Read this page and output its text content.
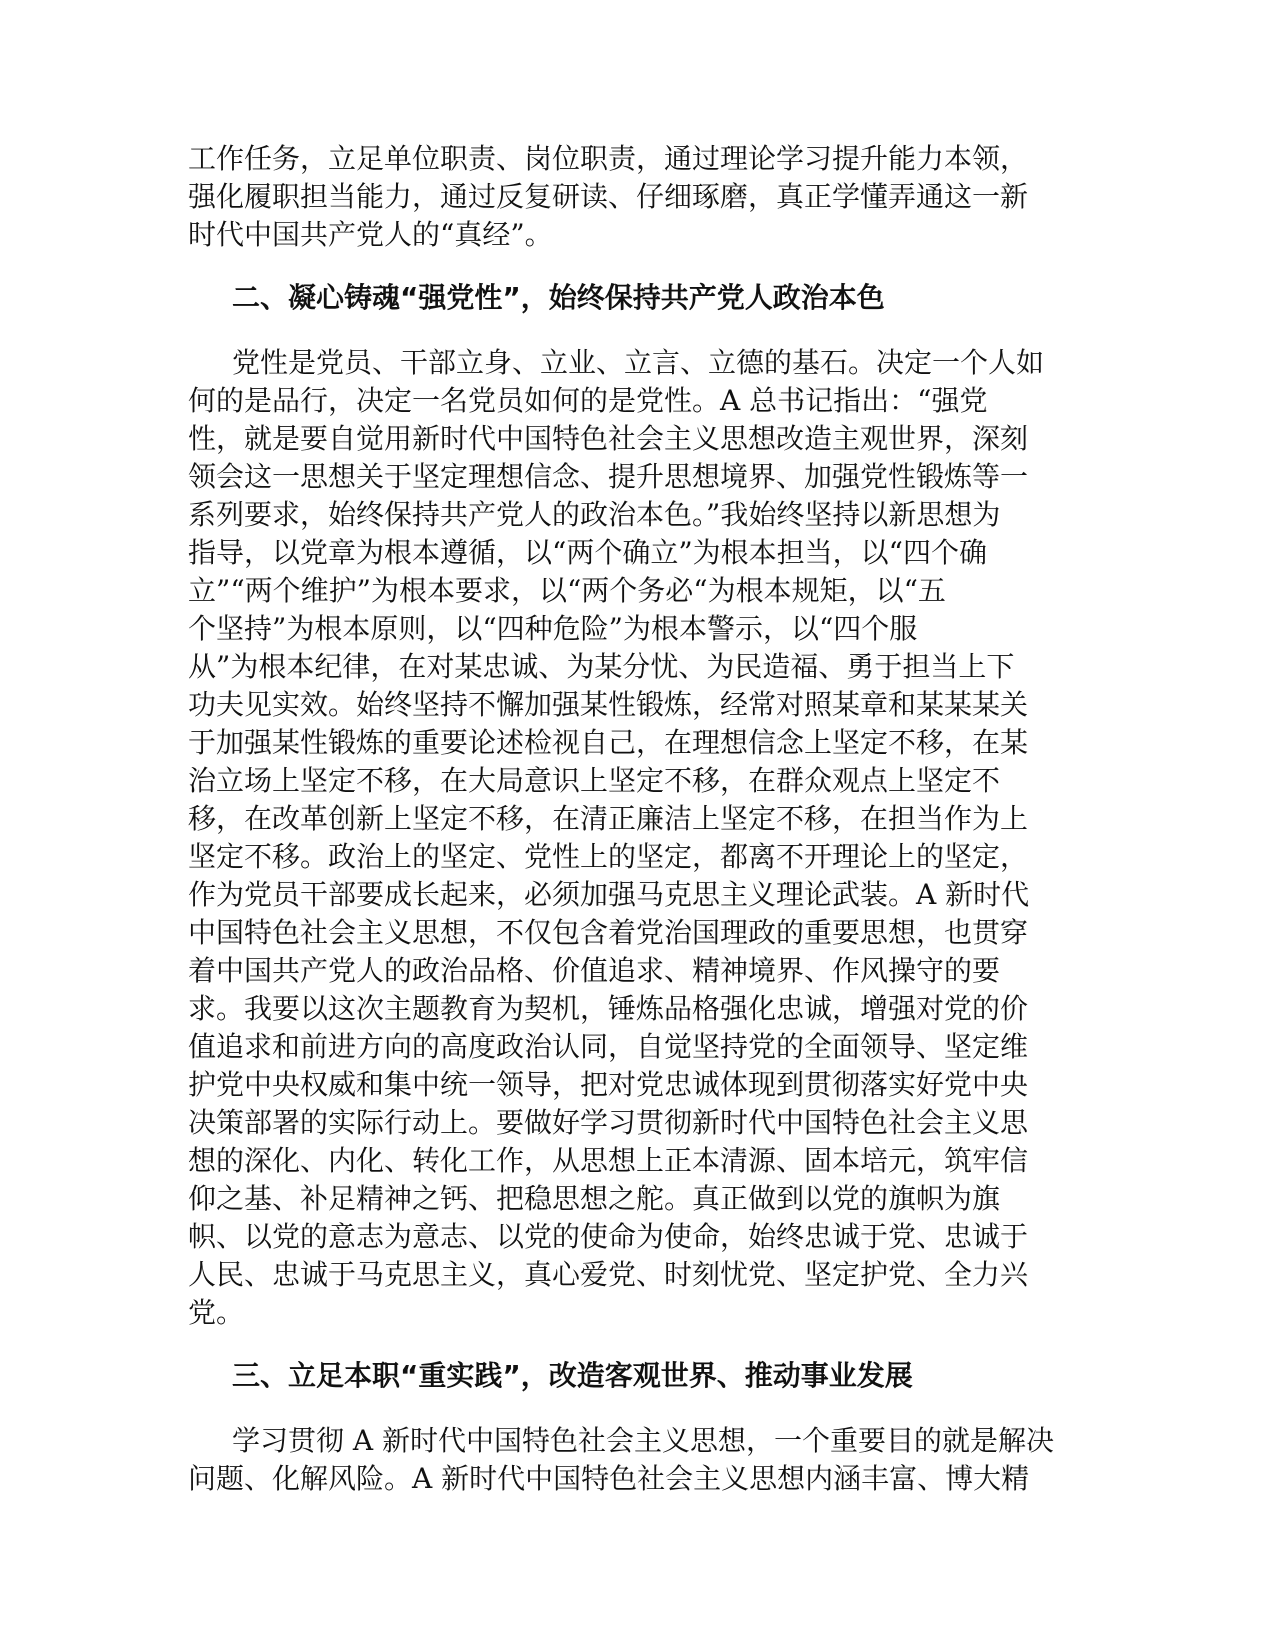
工作任务，立足单位职责、岗位职责，通过理论学习提升能力本领，
强化履职担当能力，通过反复研读、仔细琢磨，真正学懂弄通这一新
时代中国共产党人的“真经”。
二、凝心铸魂“强党性”，始终保持共产党人政治本色
党性是党员、干部立身、立业、立言、立德的基石。决定一个人如
何的是品行，决定一名党员如何的是党性。A 总书记指出：“强党
性，就是要自觉用新时代中国特色社会主义思想改造主观世界，深刻
领会这一思想关于坚定理想信念、提升思想境界、加强党性锻炼等一
系列要求，始终保持共产党人的政治本色。”我始终坚持以新思想为
指导，以党章为根本遵循，以“两个确立”为根本担当，以“四个确
立”“两个维护”为根本要求，以“两个务必“为根本规矩，以“五
个坚持”为根本原则，以“四种危险”为根本警示，以“四个服
从”为根本纪律，在对某忠诚、为某分忧、为民造福、勇于担当上下
功夫见实效。始终坚持不懈加强某性锻炼，经常对照某章和某某某关
于加强某性锻炼的重要论述检视自己，在理想信念上坚定不移，在某
治立场上坚定不移，在大局意识上坚定不移，在群众观点上坚定不
移，在改革创新上坚定不移，在清正廉洁上坚定不移，在担当作为上
坚定不移。政治上的坚定、党性上的坚定，都离不开理论上的坚定，
作为党员干部要成长起来，必须加强马克思主义理论武装。A 新时代
中国特色社会主义思想，不仅包含着党治国理政的重要思想，也贯穿
着中国共产党人的政治品格、价值追求、精神境界、作风操守的要
求。我要以这次主题教育为契机，锤炼品格强化忠诚，增强对党的价
值追求和前进方向的高度政治认同，自觉坚持党的全面领导、坚定维
护党中央权威和集中统一领导，把对党忠诚体现到贯彻落实好党中央
决策部署的实际行动上。要做好学习贯彻新时代中国特色社会主义思
想的深化、内化、转化工作，从思想上正本清源、固本培元，筑牢信
仰之基、补足精神之钙、把稳思想之舵。真正做到以党的旗帜为旗
帜、以党的意志为意志、以党的使命为使命，始终忠诚于党、忠诚于
人民、忠诚于马克思主义，真心爱党、时刻忧党、坚定护党、全力兴
党。
三、立足本职“重实践”，改造客观世界、推动事业发展
学习贯彻 A 新时代中国特色社会主义思想，一个重要目的就是解决
问题、化解风险。A 新时代中国特色社会主义思想内涵丰富、博大精
